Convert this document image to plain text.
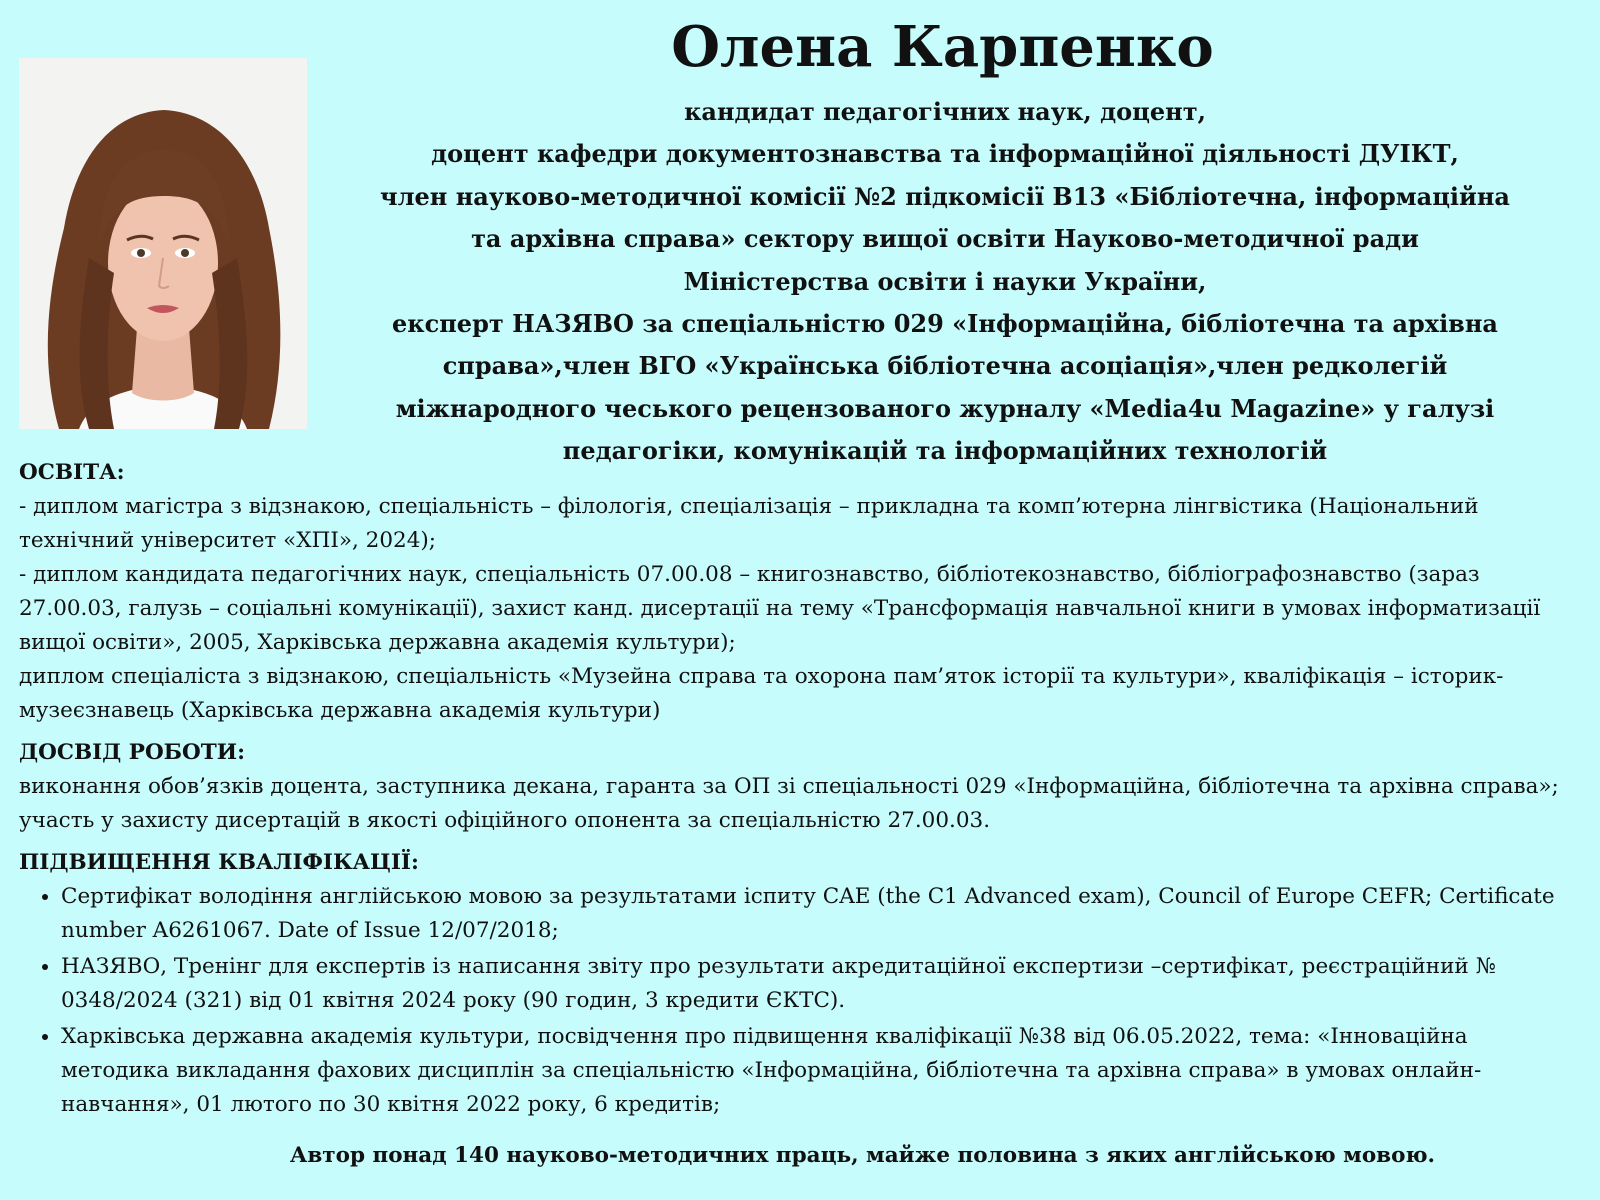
Олена Карпенко
кандидат педагогічних наук, доцент,
доцент кафедри документознавства та інформаційної діяльності ДУІКТ,
член науково-методичної комісії №2 підкомісії В13 «Бібліотечна, інформаційна
та архівна справа» сектору вищої освіти Науково-методичної ради
Міністерства освіти і науки України,
експерт НАЗЯВО за спеціальністю 029 «Інформаційна, бібліотечна та архівна
справа»,член ВГО «Українська бібліотечна асоціація»,член редколегій
міжнародного чеського рецензованого журналу «Media4u Magazine» у галузі
педагогіки, комунікацій та інформаційних технологій

ОСВІТА:

- диплом магістра з відзнакою, спеціальність – філологія, спеціалізація – прикладна та комп’ютерна лінгвістика (Національний технічний університет «ХПІ», 2024);

- диплом кандидата педагогічних наук, спеціальність 07.00.08 – книгознавство, бібліотекознавство, бібліографознавство (зараз 27.00.03, галузь – соціальні комунікації), захист канд. дисертації на тему «Трансформація навчальної книги в умовах інформатизації вищої освіти», 2005, Харківська державна академія культури);

диплом спеціаліста з відзнакою, спеціальність «Музейна справа та охорона пам’яток історії та культури», кваліфікація – історик-музеєзнавець (Харківська державна академія культури)

ДОСВІД РОБОТИ:

виконання обов’язків доцента, заступника декана, гаранта за ОП зі спеціальності 029 «Інформаційна, бібліотечна та архівна справа»; участь у захисту дисертацій в якості офіційного опонента за спеціальністю 27.00.03.

ПІДВИЩЕННЯ КВАЛІФІКАЦІЇ:

• Сертифікат володіння англійською мовою за результатами іспиту CAE (the C1 Advanced exam), Council of Europe CEFR; Certificate number A6261067. Date of Issue 12/07/2018;
• НАЗЯВО, Тренінг для експертів із написання звіту про результати акредитаційної експертизи –сертифікат, реєстраційний № 0348/2024 (321) від 01 квітня 2024 року (90 годин, 3 кредити ЄКТС).
• Харківська державна академія культури, посвідчення про підвищення кваліфікації №38 від 06.05.2022, тема: «Інноваційна методика викладання фахових дисциплін за спеціальністю «Інформаційна, бібліотечна та архівна справа» в умовах онлайн-навчання», 01 лютого по 30 квітня 2022 року, 6 кредитів;
Автор понад 140 науково-методичних праць, майже половина з яких англійською мовою.
